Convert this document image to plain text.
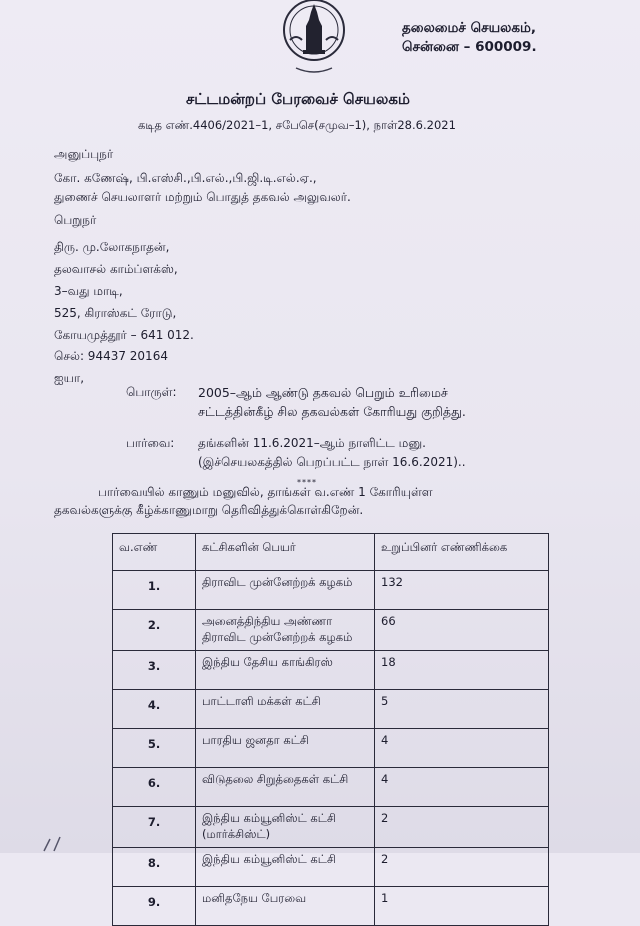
தலைமைச் செயலகம்,
சென்னை – 600009.
சட்டமன்றப் பேரவைச் செயலகம்
கடித எண்.4406/2021–1, சபேசெ(சமுவ–1), நாள்28.6.2021
அனுப்புநர்
கோ. கணேஷ், பி.எஸ்சி.,பி.எல்.,பி.ஜி.டி.எல்.ஏ.,
துணைச் செயலாளர் மற்றும் பொதுத் தகவல் அலுவலர்.
பெறுநர்
திரு. மு.லோகநாதன்,
தலவாசல் காம்ப்ளக்ஸ்,
3–வது மாடி,
525, கிராஸ்கட் ரோடு,
கோயமுத்தூர் – 641 012.
செல்: 94437 20164
ஐயா,
பொருள்: 2005–ஆம் ஆண்டு தகவல் பெறும் உரிமைச்
சட்டத்தின்கீழ் சில தகவல்கள் கோரியது குறித்து.
பார்வை: தங்களின் 11.6.2021–ஆம் நாளிட்ட மனு.
(இச்செயலகத்தில் பெறப்பட்ட நாள் 16.6.2021)..
****
பார்வையில் காணும் மனுவில், தாங்கள் வ.எண் 1 கோரியுள்ள
தகவல்களுக்கு கீழ்க்காணுமாறு தெரிவித்துக்கொள்கிறேன்.
வ.எண்	கட்சிகளின் பெயர்	உறுப்பினர் எண்ணிக்கை
1.	திராவிட முன்னேற்றக் கழகம்	132
2.	அனைத்திந்திய அண்ணா திராவிட முன்னேற்றக் கழகம்	66
3.	இந்திய தேசிய காங்கிரஸ்	18
4.	பாட்டாளி மக்கள் கட்சி	5
5.	பாரதிய ஜனதா கட்சி	4
6.	விடுதலை சிறுத்தைகள் கட்சி	4
7.	இந்திய கம்யூனிஸ்ட் கட்சி (மார்க்சிஸ்ட்)	2
8.	இந்திய கம்யூனிஸ்ட் கட்சி	2
9.	மனிதநேய பேரவை	1
